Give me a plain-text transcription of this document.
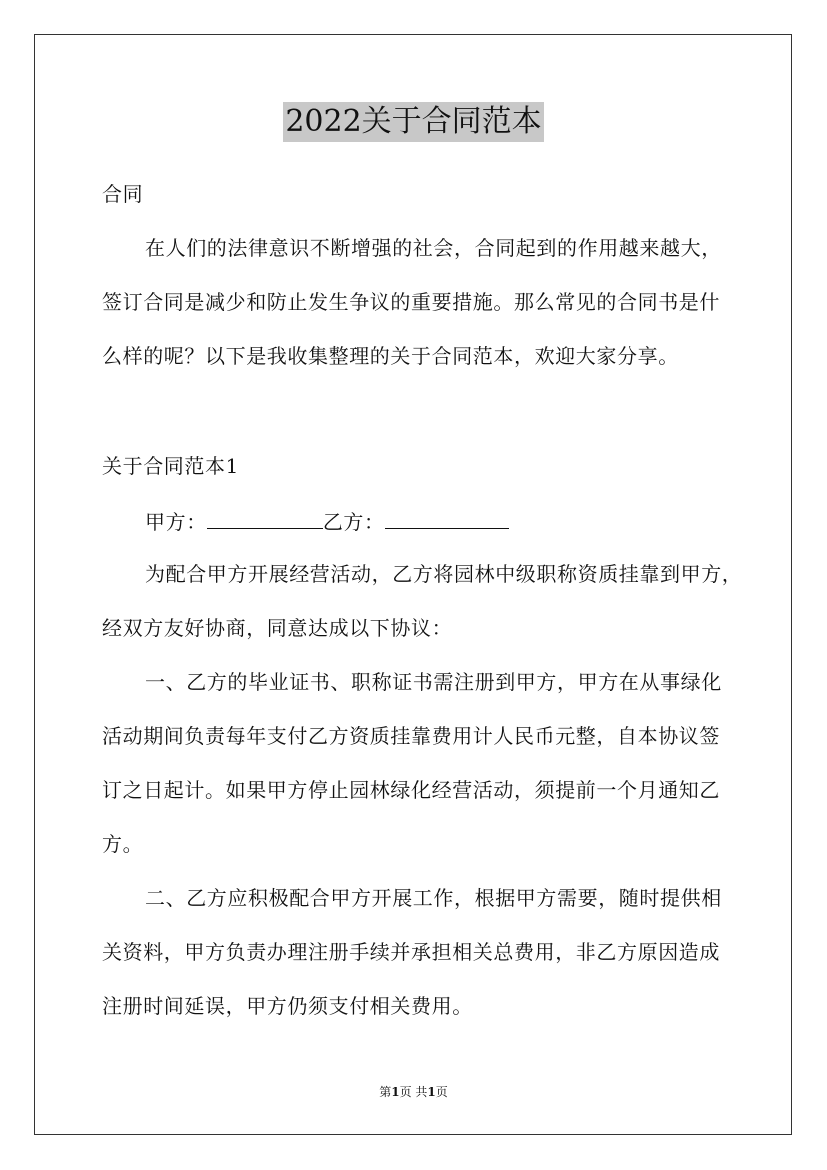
2022关于合同范本
合同
在人们的法律意识不断增强的社会，合同起到的作用越来越大，
签订合同是减少和防止发生争议的重要措施。那么常见的合同书是什
么样的呢？以下是我收集整理的关于合同范本，欢迎大家分享。
关于合同范本1
甲方：	乙方：
为配合甲方开展经营活动，乙方将园林中级职称资质挂靠到甲方，
经双方友好协商，同意达成以下协议：
一、乙方的毕业证书、职称证书需注册到甲方，甲方在从事绿化
活动期间负责每年支付乙方资质挂靠费用计人民币元整，自本协议签
订之日起计。如果甲方停止园林绿化经营活动，须提前一个月通知乙
方。
二、乙方应积极配合甲方开展工作，根据甲方需要，随时提供相
关资料，甲方负责办理注册手续并承担相关总费用，非乙方原因造成
注册时间延误，甲方仍须支付相关费用。
第1页 共1页
